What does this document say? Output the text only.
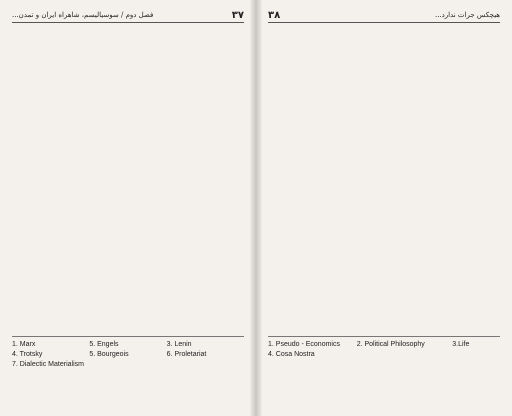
۳۷
فصل دوم / سوسیالیسم، شاهراه ایران و تمدن...
1. Marx	5. Engels	3. Lenin
4. Trotsky	5. Bourgeois	6. Proletariat
7. Dialectic Materialism
هیچکس جرات ندارد...
۳۸
1. Pseudo - Economics	2. Political Philosophy	3.Life
4. Cosa Nostra
